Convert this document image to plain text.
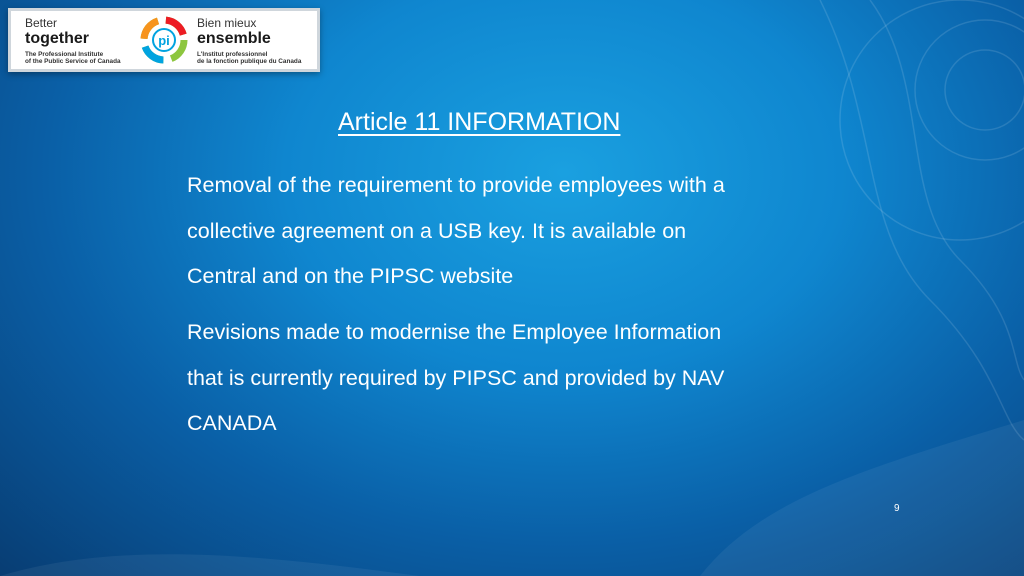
Better
together
The Professional Institute
of the Public Service of Canada
pi
Bien mieux
ensemble
L'Institut professionnel
de la fonction publique du Canada
Article 11 INFORMATION
Removal of the requirement to provide employees with a
collective agreement on a USB key. It is available on
Central and on the PIPSC website
Revisions made to modernise the Employee Information
that is currently required by PIPSC and provided by NAV
CANADA
9
